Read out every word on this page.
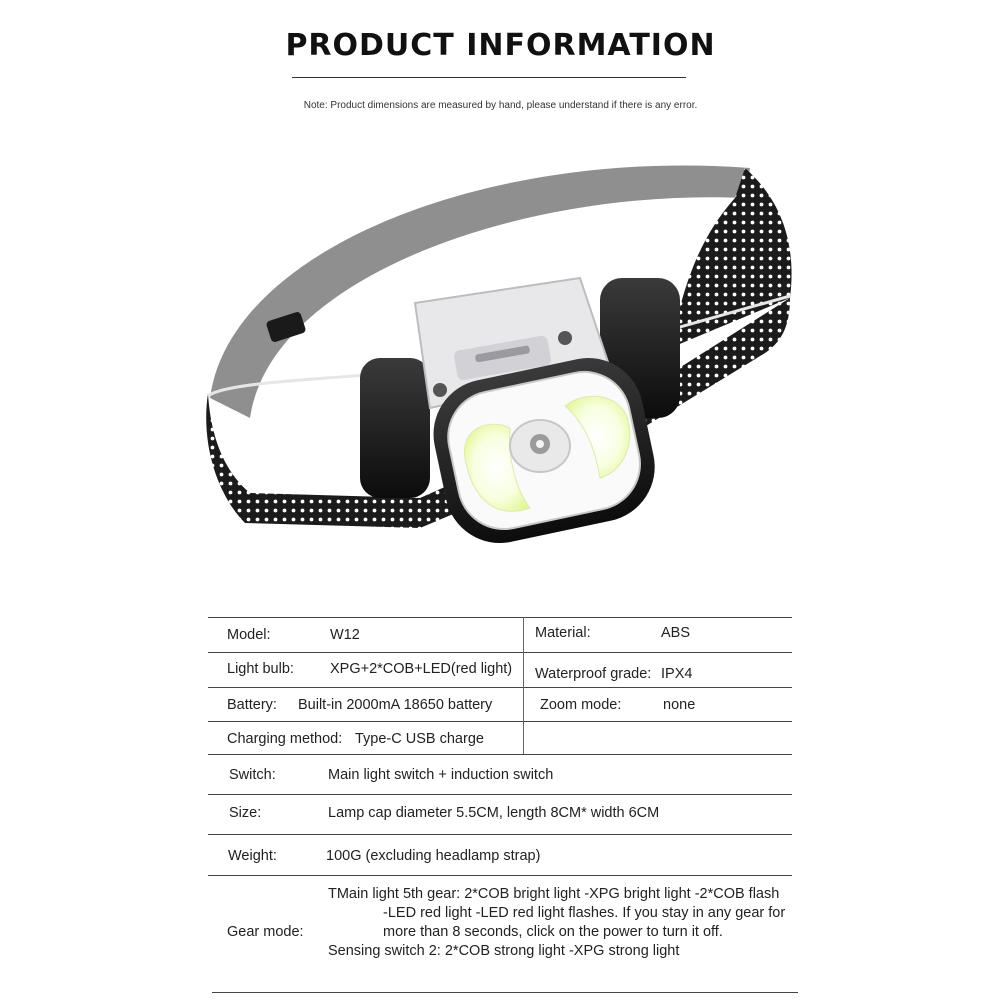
PRODUCT INFORMATION
Note: Product dimensions are measured by hand, please understand if there is any error.
Model:	W12	Material:	ABS
Light bulb: XPG+2*COB+LED(red light) Waterproof grade: IPX4
Battery: Built-in 2000mA 18650 battery	Zoom mode:	none
Charging method: Type-C USB charge
Switch:	Main light switch + induction switch
Size:	Lamp cap diameter 5.5CM, length 8CM* width 6CM
Weight:	100G (excluding headlamp strap)
Gear mode:
TMain light 5th gear: 2*COB bright light -XPG bright light -2*COB flash
-LED red light -LED red light flashes. If you stay in any gear for
more than 8 seconds, click on the power to turn it off.
Sensing switch 2: 2*COB strong light -XPG strong light
